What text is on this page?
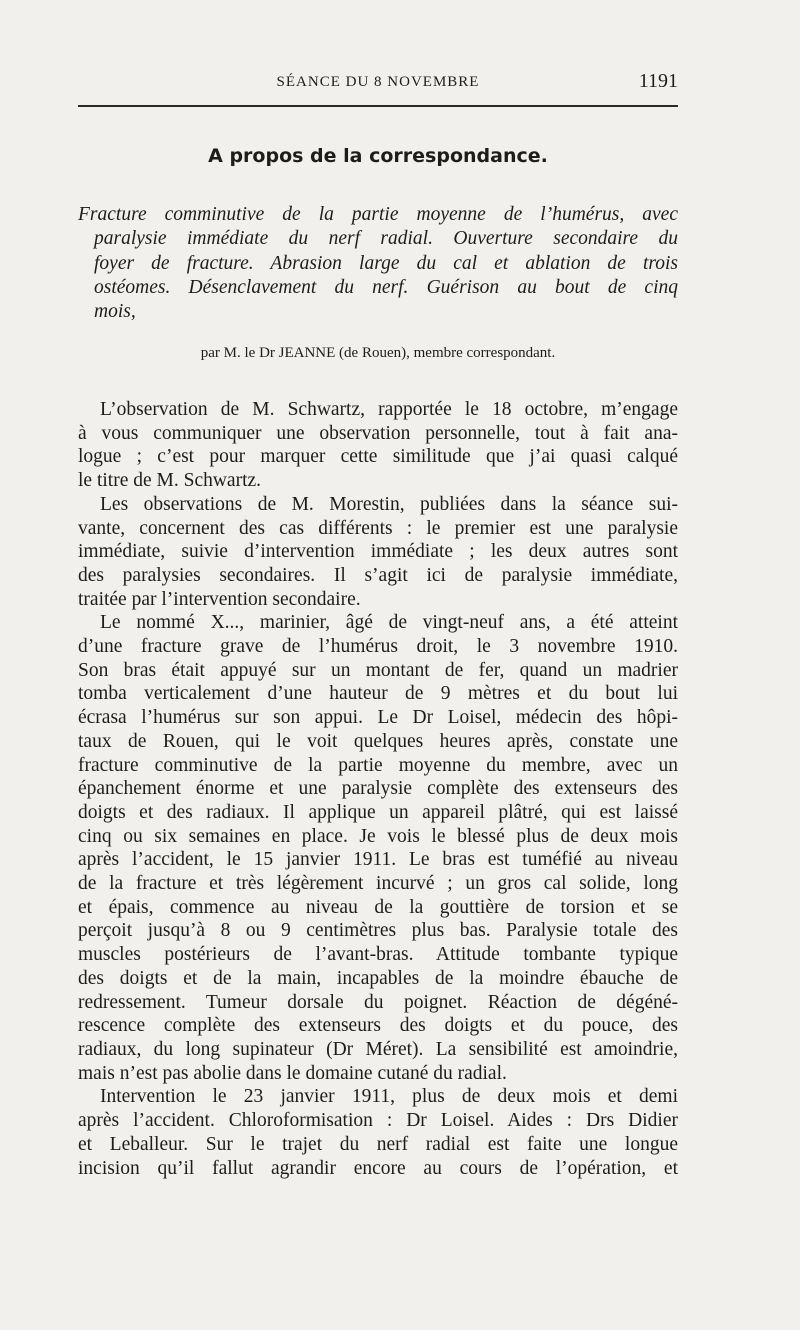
SÉANCE DU 8 NOVEMBRE	1191
A propos de la correspondance.
Fracture comminutive de la partie moyenne de l’humérus, avec
paralysie immédiate du nerf radial. Ouverture secondaire du
foyer de fracture. Abrasion large du cal et ablation de trois
ostéomes. Désenclavement du nerf. Guérison au bout de cinq
mois,
par M. le Dr JEANNE (de Rouen), membre correspondant.
L’observation de M. Schwartz, rapportée le 18 octobre, m’engage
à vous communiquer une observation personnelle, tout à fait ana-
logue ; c’est pour marquer cette similitude que j’ai quasi calqué
le titre de M. Schwartz.
Les observations de M. Morestin, publiées dans la séance sui-
vante, concernent des cas différents : le premier est une paralysie
immédiate, suivie d’intervention immédiate ; les deux autres sont
des paralysies secondaires. Il s’agit ici de paralysie immédiate,
traitée par l’intervention secondaire.
Le nommé X..., marinier, âgé de vingt-neuf ans, a été atteint
d’une fracture grave de l’humérus droit, le 3 novembre 1910.
Son bras était appuyé sur un montant de fer, quand un madrier
tomba verticalement d’une hauteur de 9 mètres et du bout lui
écrasa l’humérus sur son appui. Le Dr Loisel, médecin des hôpi-
taux de Rouen, qui le voit quelques heures après, constate une
fracture comminutive de la partie moyenne du membre, avec un
épanchement énorme et une paralysie complète des extenseurs des
doigts et des radiaux. Il applique un appareil plâtré, qui est laissé
cinq ou six semaines en place. Je vois le blessé plus de deux mois
après l’accident, le 15 janvier 1911. Le bras est tuméfié au niveau
de la fracture et très légèrement incurvé ; un gros cal solide, long
et épais, commence au niveau de la gouttière de torsion et se
perçoit jusqu’à 8 ou 9 centimètres plus bas. Paralysie totale des
muscles postérieurs de l’avant-bras. Attitude tombante typique
des doigts et de la main, incapables de la moindre ébauche de
redressement. Tumeur dorsale du poignet. Réaction de dégéné-
rescence complète des extenseurs des doigts et du pouce, des
radiaux, du long supinateur (Dr Méret). La sensibilité est amoindrie,
mais n’est pas abolie dans le domaine cutané du radial.
Intervention le 23 janvier 1911, plus de deux mois et demi
après l’accident. Chloroformisation : Dr Loisel. Aides : Drs Didier
et Leballeur. Sur le trajet du nerf radial est faite une longue
incision qu’il fallut agrandir encore au cours de l’opération, et
